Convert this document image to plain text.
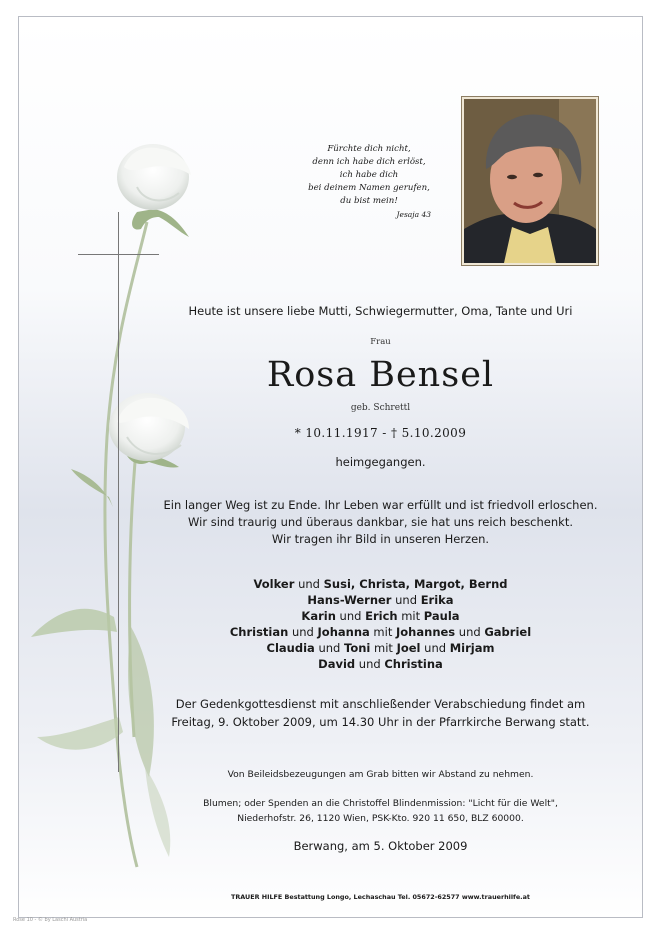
Fürchte dich nicht,
denn ich habe dich erlöst,
ich habe dich
bei deinem Namen gerufen,
du bist mein!
Jesaja 43
Heute ist unsere liebe Mutti, Schwiegermutter, Oma, Tante und Uri
Frau
Rosa Bensel
geb. Schrettl
* 10.11.1917 - † 5.10.2009
heimgegangen.
Ein langer Weg ist zu Ende. Ihr Leben war erfüllt und ist friedvoll erloschen.
Wir sind traurig und überaus dankbar, sie hat uns reich beschenkt.
Wir tragen ihr Bild in unseren Herzen.
Volker und Susi, Christa, Margot, Bernd
Hans-Werner und Erika
Karin und Erich mit Paula
Christian und Johanna mit Johannes und Gabriel
Claudia und Toni mit Joel und Mirjam
David und Christina
Der Gedenkgottesdienst mit anschließender Verabschiedung findet am
Freitag, 9. Oktober 2009, um 14.30 Uhr in der Pfarrkirche Berwang statt.
Von Beileidsbezeugungen am Grab bitten wir Abstand zu nehmen.
Blumen; oder Spenden an die Christoffel Blindenmission: "Licht für die Welt",
Niederhofstr. 26, 1120 Wien, PSK-Kto. 920 11 650, BLZ 60000.
Berwang, am 5. Oktober 2009
TRAUER HILFE Bestattung Longo, Lechaschau Tel. 05672-62577 www.trauerhilfe.at
Rose 10 - © by Laschi Austria
